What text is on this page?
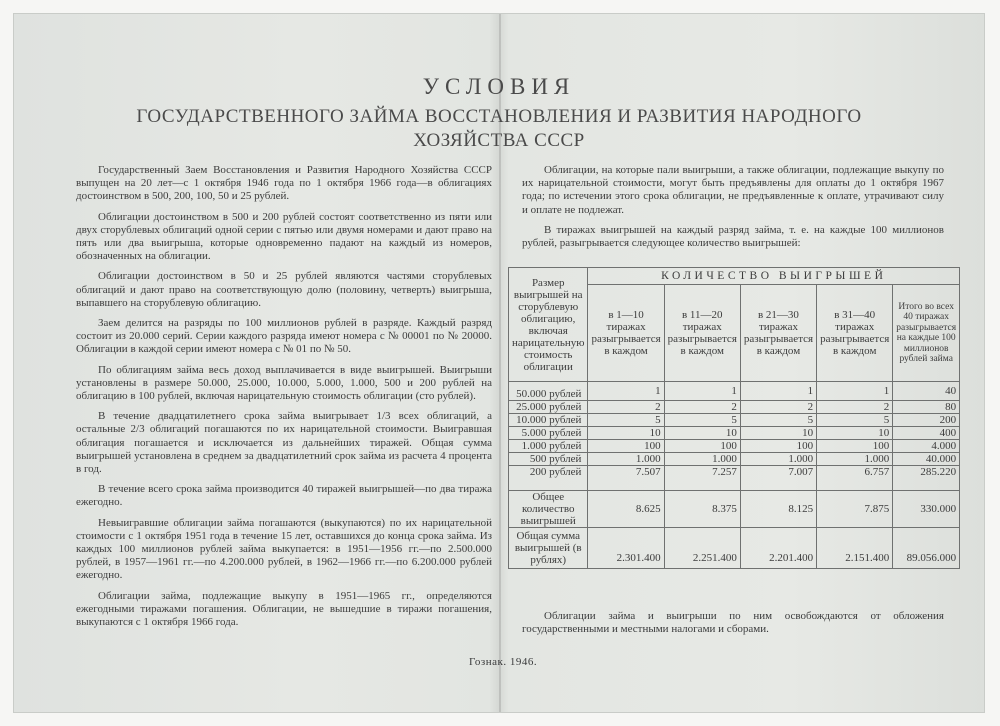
УСЛОВИЯ
ГОСУДАРСТВЕННОГО ЗАЙМА ВОССТАНОВЛЕНИЯ И РАЗВИТИЯ НАРОДНОГО
ХОЗЯЙСТВА СССР

Государственный Заем Восстановления и Развития Народного Хозяйства СССР выпущен на 20 лет—с 1 октября 1946 года по 1 октября 1966 года—в облигациях достоинством в 500, 200, 100, 50 и 25 рублей.

Облигации достоинством в 500 и 200 рублей состоят соответственно из пяти или двух сторублевых облигаций одной серии с пятью или двумя номерами и дают право на пять или два выигрыша, которые одновременно падают на каждый из номеров, обозначенных на облигации.

Облигации достоинством в 50 и 25 рублей являются частями сторублевых облигаций и дают право на соответствующую долю (половину, четверть) выигрыша, выпавшего на сторублевую облигацию.

Заем делится на разряды по 100 миллионов рублей в разряде. Каждый разряд состоит из 20.000 серий. Серии каждого разряда имеют номера с № 00001 по № 20000. Облигации в каждой серии имеют номера с № 01 по № 50.

По облигациям займа весь доход выплачивается в виде выигрышей. Выигрыши установлены в размере 50.000, 25.000, 10.000, 5.000, 1.000, 500 и 200 рублей на облигацию в 100 рублей, включая нарицательную стоимость облигации (сто рублей).

В течение двадцатилетнего срока займа выигрывает 1/3 всех облигаций, а остальные 2/3 облигаций погашаются по их нарицательной стоимости. Выигравшая облигация погашается и исключается из дальнейших тиражей. Общая сумма выигрышей установлена в среднем за двадцатилетний срок займа из расчета 4 процента в год.

В течение всего срока займа производится 40 тиражей выигрышей—по два тиража ежегодно.

Невыигравшие облигации займа погашаются (выкупаются) по их нарицательной стоимости с 1 октября 1951 года в течение 15 лет, оставшихся до конца срока займа. Из каждых 100 миллионов рублей займа выкупается: в 1951—1956 гг.—по 2.500.000 рублей, в 1957—1961 гг.—по 4.200.000 рублей, в 1962—1966 гг.—по 6.200.000 рублей ежегодно.

Облигации займа, подлежащие выкупу в 1951—1965 гг., определяются ежегодными тиражами погашения. Облигации, не вышедшие в тиражи погашения, выкупаются с 1 октября 1966 года.

Облигации, на которые пали выигрыши, а также облигации, подлежащие выкупу по их нарицательной стоимости, могут быть предъявлены для оплаты до 1 октября 1967 года; по истечении этого срока облигации, не предъявленные к оплате, утрачивают силу и оплате не подлежат.

В тиражах выигрышей на каждый разряд займа, т. е. на каждые 100 миллионов рублей, разыгрывается следующее количество выигрышей:

Размер выигрышей на сторублевую облигацию, включая нарицательную стоимость облигации	КОЛИЧЕСТВО ВЫИГРЫШЕЙ				
	в 1—10 тиражах разыгрывается в каждом	в 11—20 тиражах разыгрывается в каждом	в 21—30 тиражах разыгрывается в каждом	в 31—40 тиражах разыгрывается в каждом	Итого во всех 40 тиражах разыгрывается на каждые 100 миллионов рублей займа
50.000 рублей	1	1	1	1	40
25.000 рублей	2	2	2	2	80
10.000 рублей	5	5	5	5	200
5.000 рублей	10	10	10	10	400
1.000 рублей	100	100	100	100	4.000
500 рублей	1.000	1.000	1.000	1.000	40.000
200 рублей	7.507	7.257	7.007	6.757	285.220
Общее количество выигрышей	8.625	8.375	8.125	7.875	330.000
Общая сумма выигрышей (в рублях)	2.301.400	2.251.400	2.201.400	2.151.400	89.056.000

Облигации займа и выигрыши по ним освобождаются от обложения государственными и местными налогами и сборами.

Гознак. 1946.
